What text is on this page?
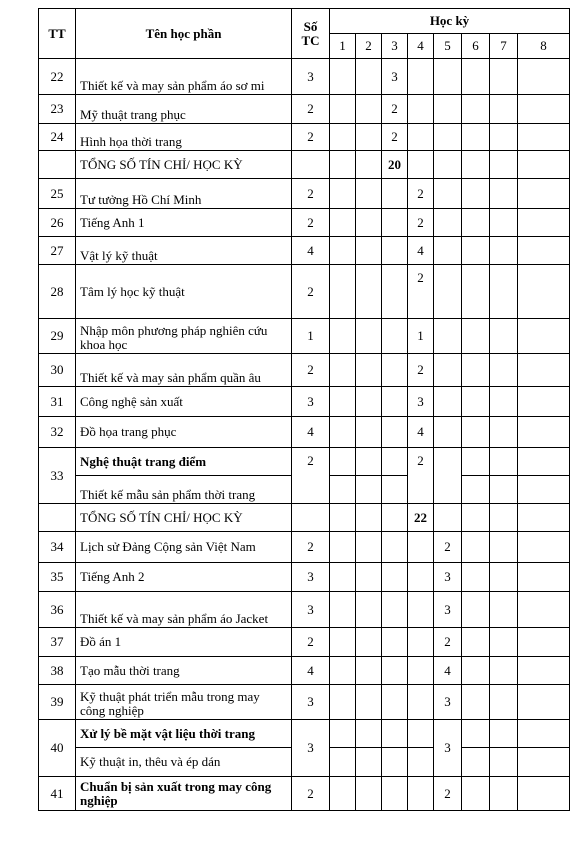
TT	Tên học phần	Số TC	Học kỳ							
			1	2	3	4	5	6	7	8
22	Thiết kế và may sản phẩm áo sơ mi	3			3					
23	Mỹ thuật trang phục	2			2					
24	Hình họa thời trang	2			2					
	TỔNG SỐ TÍN CHỈ/ HỌC KỲ				20					
25	Tư tưởng Hồ Chí Minh	2				2				
26	Tiếng Anh 1	2				2				
27	Vật lý kỹ thuật	4				4				
28	Tâm lý học kỹ thuật	2				2				
29	Nhập môn phương pháp nghiên cứu khoa học	1				1				
30	Thiết kế và may sản phẩm quần âu	2				2				
31	Công nghệ sản xuất	3				3				
32	Đồ họa trang phục	4				4				
33	Nghệ thuật trang điểm	2				2				
	Thiết kế mẫu sản phẩm thời trang									
	TỔNG SỐ TÍN CHỈ/ HỌC KỲ					22				
34	Lịch sử Đảng Cộng sản Việt Nam	2					2			
35	Tiếng Anh 2	3					3			
36	Thiết kế và may sản phẩm áo Jacket	3					3			
37	Đồ án 1	2					2			
38	Tạo mẫu thời trang	4					4			
39	Kỹ thuật phát triển mẫu trong may công nghiệp	3					3			
40	Xử lý bề mặt vật liệu thời trang	3					3			
	Kỹ thuật in, thêu và ép dán									
41	Chuẩn bị sản xuất trong may công nghiệp	2					2			
